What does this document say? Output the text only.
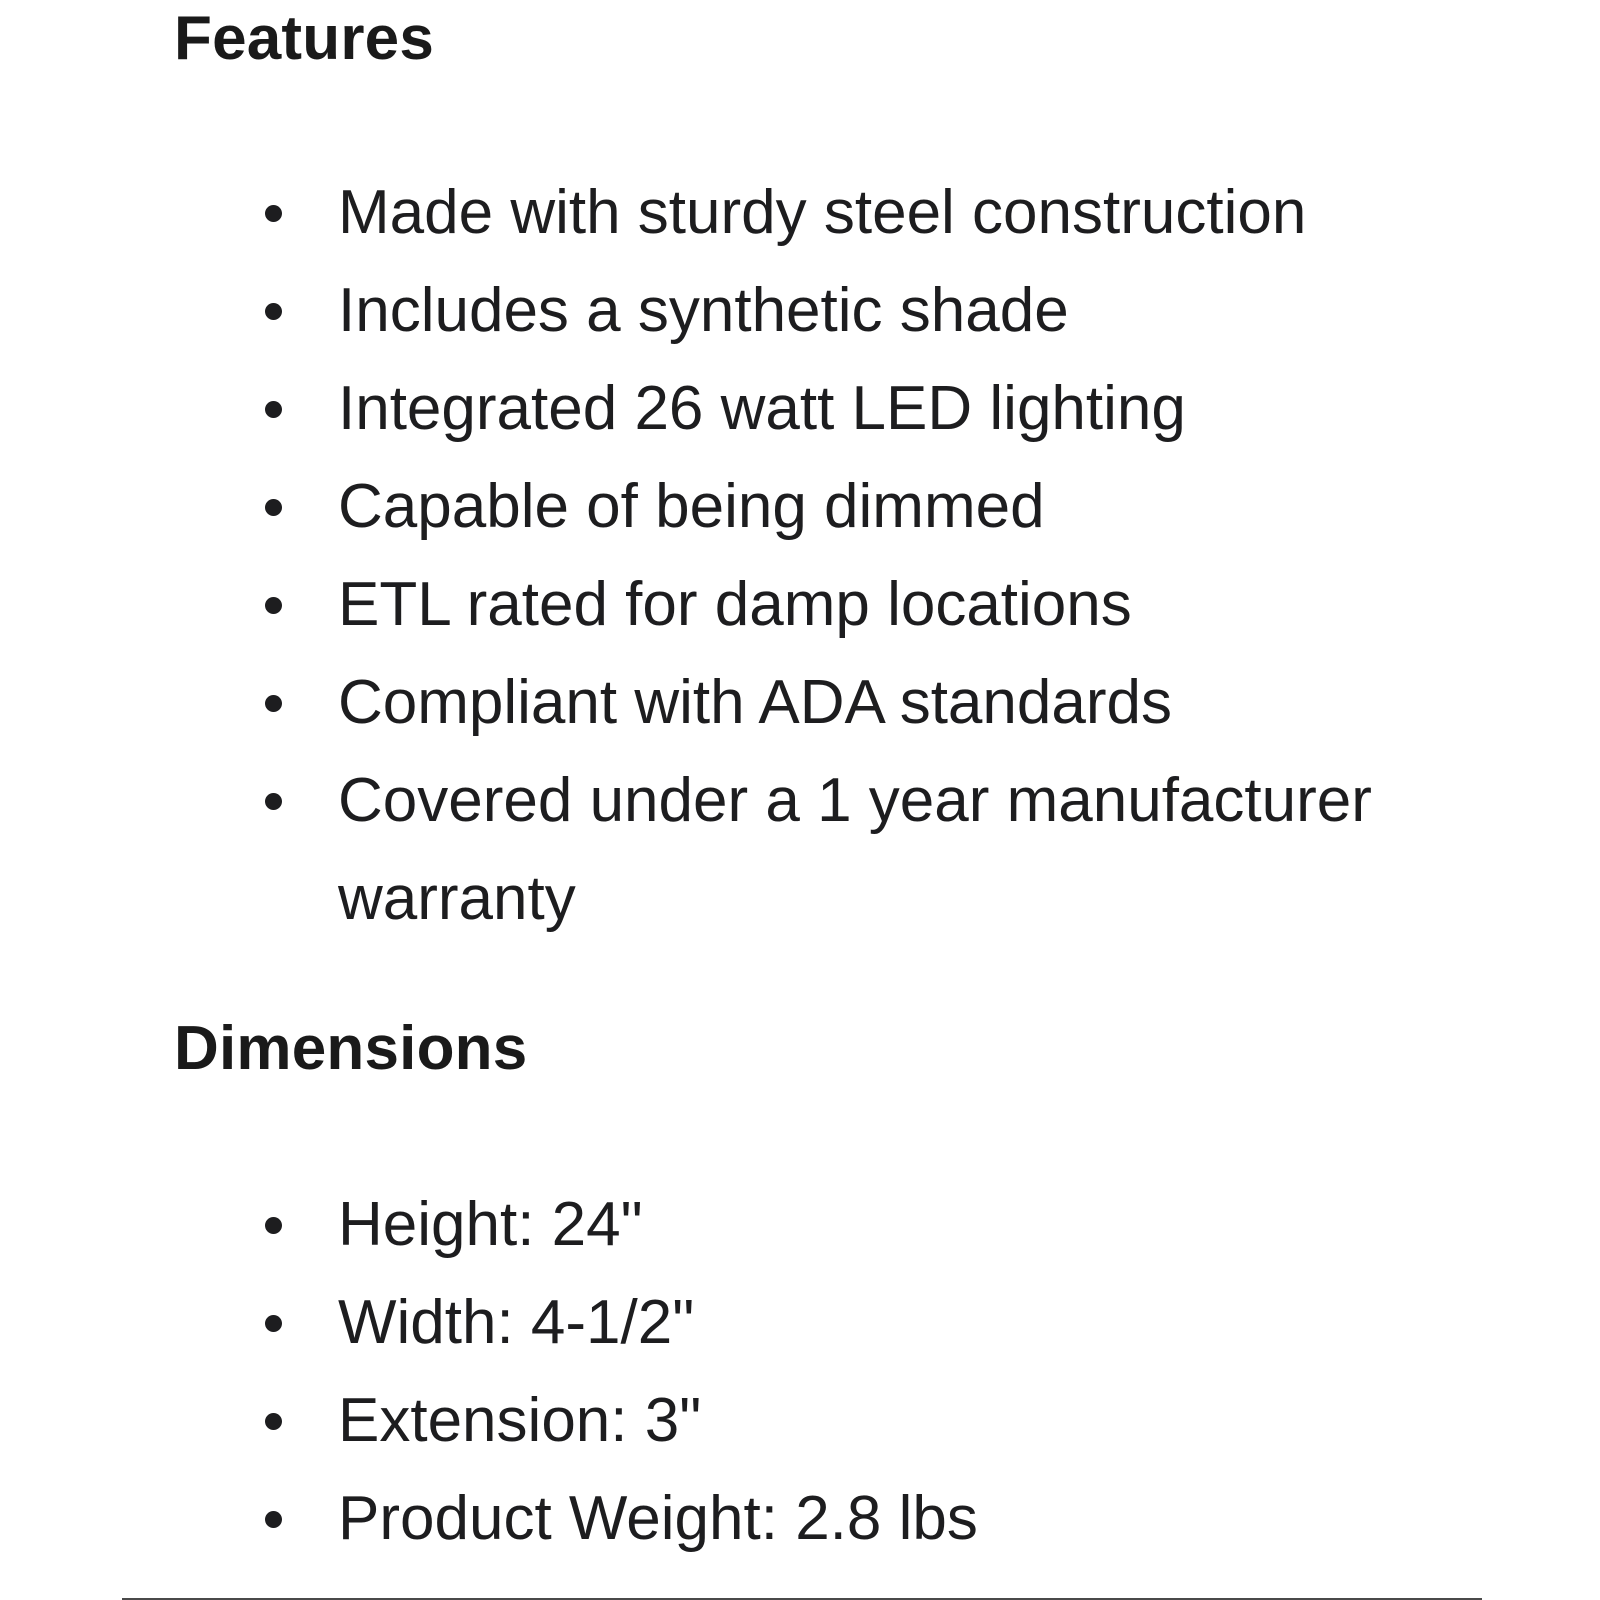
Features
Made with sturdy steel construction
Includes a synthetic shade
Integrated 26 watt LED lighting
Capable of being dimmed
ETL rated for damp locations
Compliant with ADA standards
Covered under a 1 year manufacturer warranty
Dimensions
Height: 24"
Width: 4-1/2"
Extension: 3"
Product Weight: 2.8 lbs
